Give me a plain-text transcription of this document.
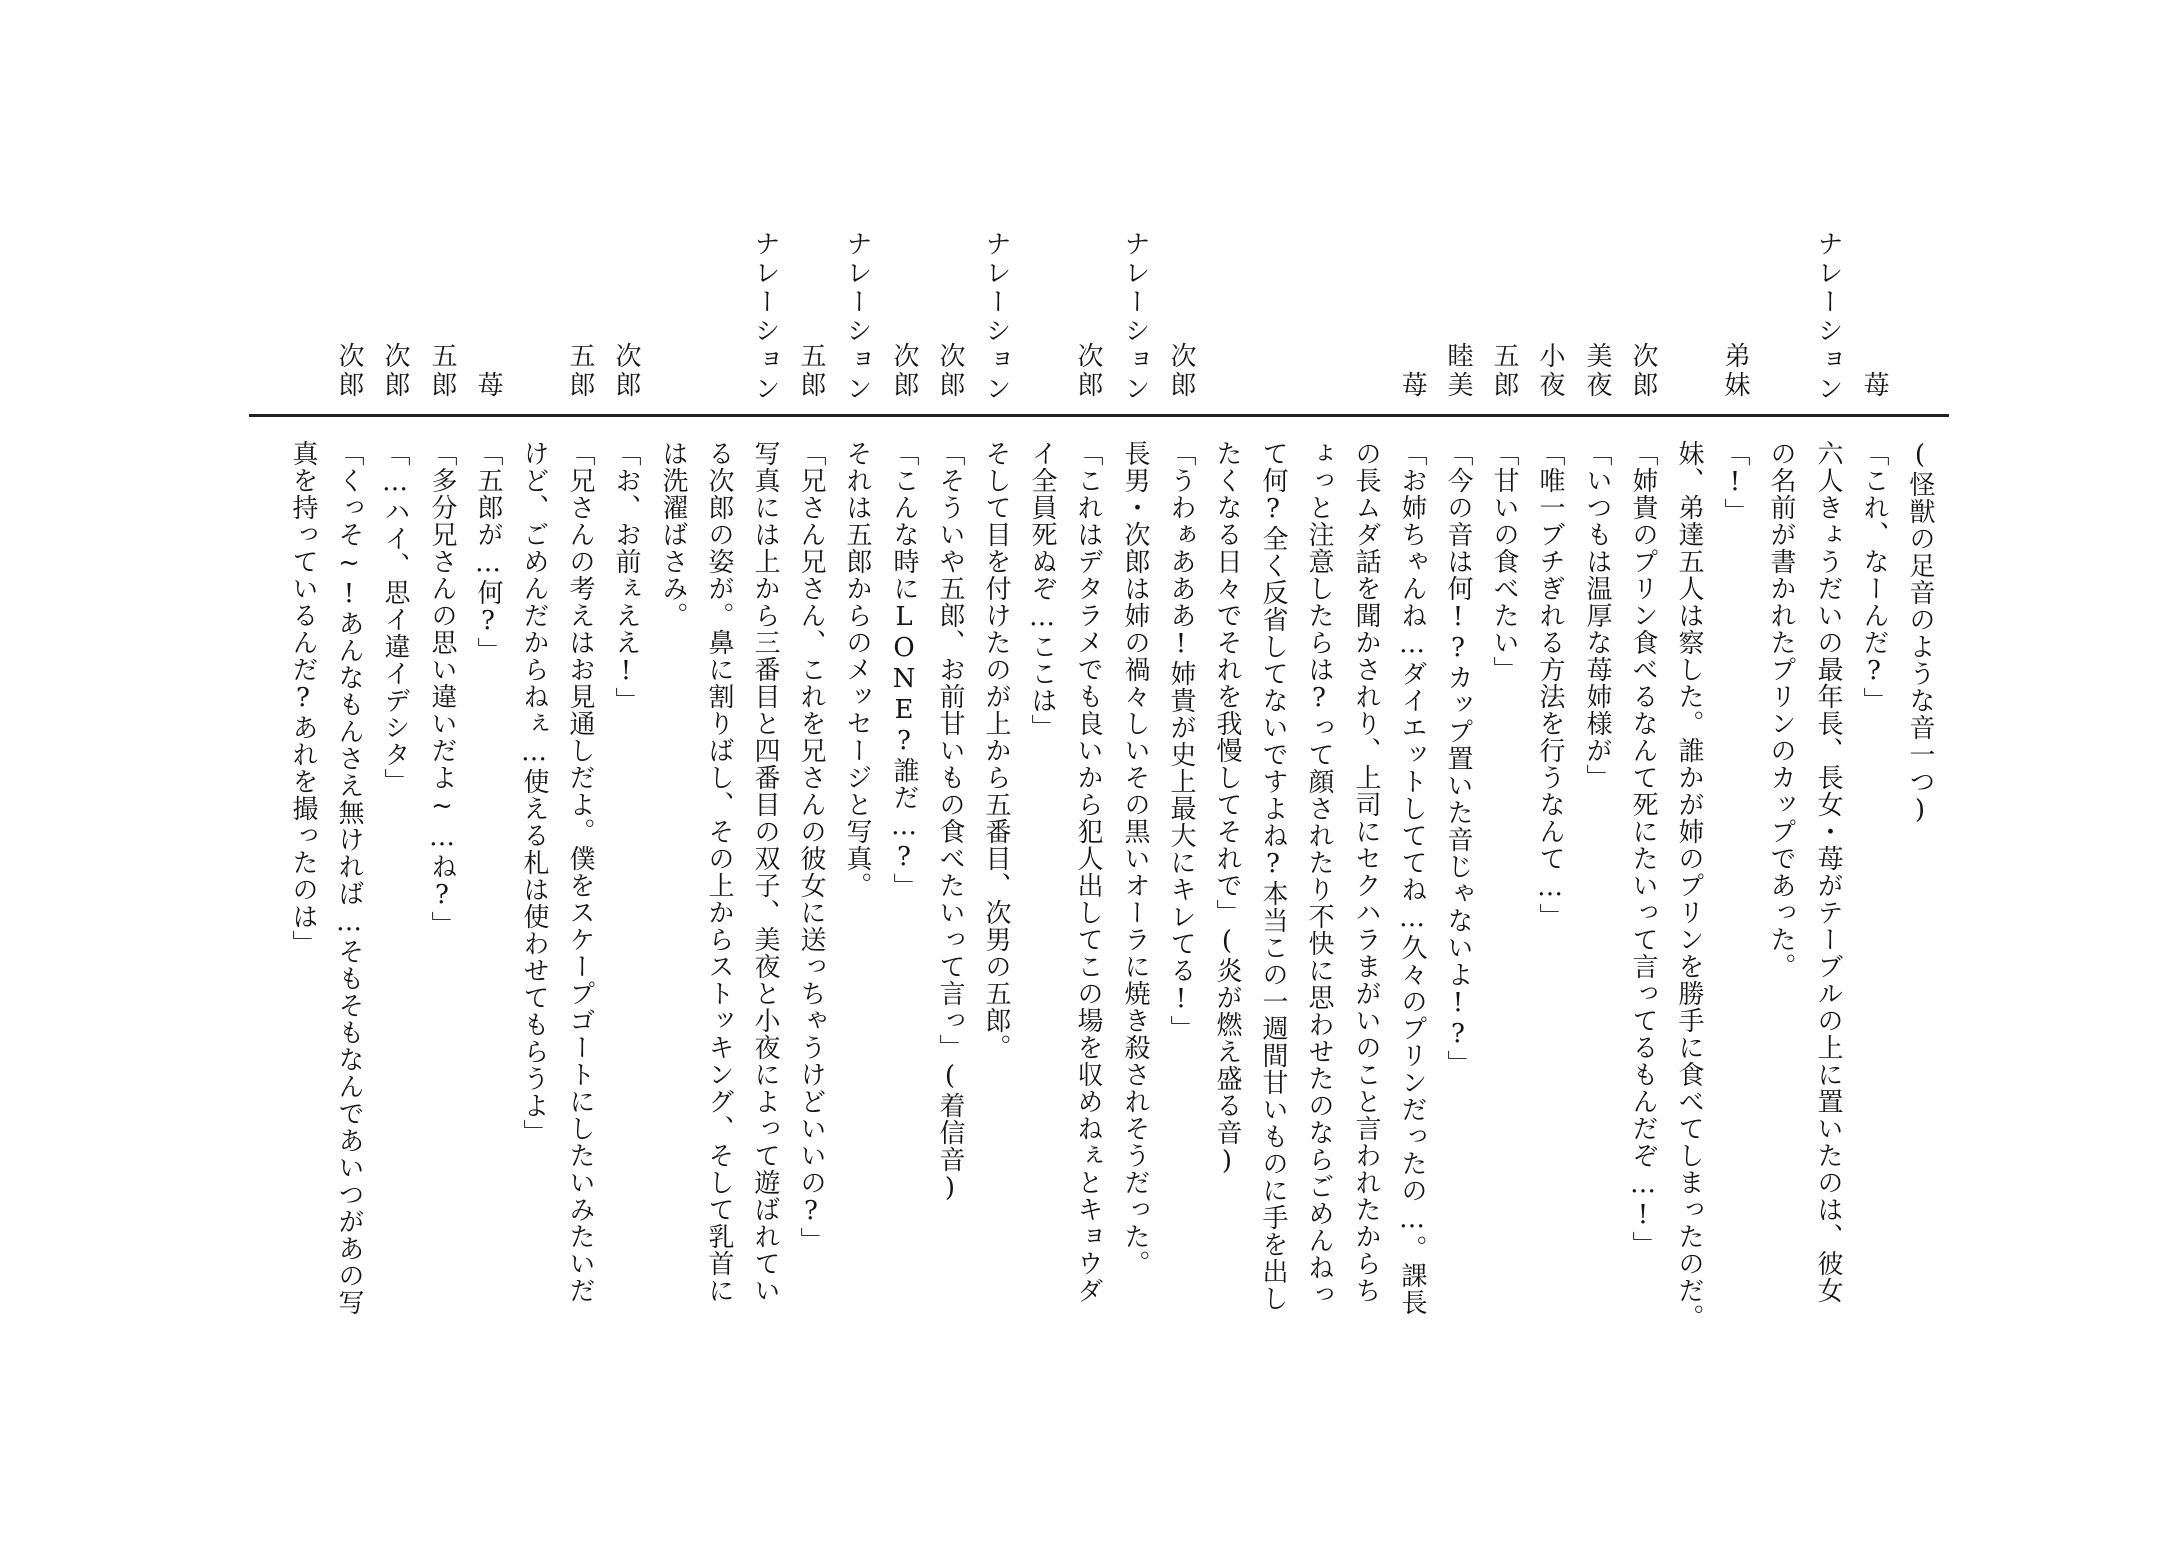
苺

ナレーション

弟妹

次郎

美夜

小夜

五郎

睦美

苺

次郎

ナレーション

次郎

ナレーション

次郎

次郎

ナレーション

五郎

ナレーション

次郎

五郎

苺

五郎

次郎

次郎

(怪獣の足音のような音一つ)

「これ、なーんだ?」

六人きょうだいの最年長、長女・苺がテーブルの上に置いたのは、彼女

の名前が書かれたプリンのカップであった。

「!」

妹、弟達五人は察した。誰かが姉のプリンを勝手に食べてしまったのだ。

「姉貴のプリン食べるなんて死にたいって言ってるもんだぞ…!」

「いつもは温厚な苺姉様が」

「唯一ブチぎれる方法を行うなんて…」

「甘いの食べたい」

「今の音は何!?カップ置いた音じゃないよ!?」

「お姉ちゃんね…ダイエットしててね…久々のプリンだったの…。課長

の長ムダ話を聞かされり、上司にセクハラまがいのこと言われたからち

ょっと注意したらは?って顔されたり不快に思わせたのならごめんねっ

て何?全く反省してないですよね?本当この一週間甘いものに手を出し

たくなる日々でそれを我慢してそれで」(炎が燃え盛る音)

「うわぁあああ!姉貴が史上最大にキレてる!」

長男・次郎は姉の禍々しいその黒いオーラに焼き殺されそうだった。

「これはデタラメでも良いから犯人出してこの場を収めねぇとキョウダ

イ全員死ぬぞ…ここは」

そして目を付けたのが上から五番目、次男の五郎。

「そういや五郎、お前甘いもの食べたいって言っ」(着信音)

「こんな時にLONE?誰だ…?」

それは五郎からのメッセージと写真。

「兄さん兄さん、これを兄さんの彼女に送っちゃうけどいいの?」

写真には上から三番目と四番目の双子、美夜と小夜によって遊ばれてい

る次郎の姿が。鼻に割りばし、その上からストッキング、そして乳首に

は洗濯ばさみ。

「お、お前ぇええ!」

「兄さんの考えはお見通しだよ。僕をスケープゴートにしたいみたいだ

けど、ごめんだからねぇ…使える札は使わせてもらうよ」

「五郎が…何?」

「多分兄さんの思い違いだよ~…ね?」

「…ハイ、思イ違イデシタ」

「くっそ~!あんなもんさえ無ければ…そもそもなんであいつがあの写

真を持っているんだ?あれを撮ったのは」
